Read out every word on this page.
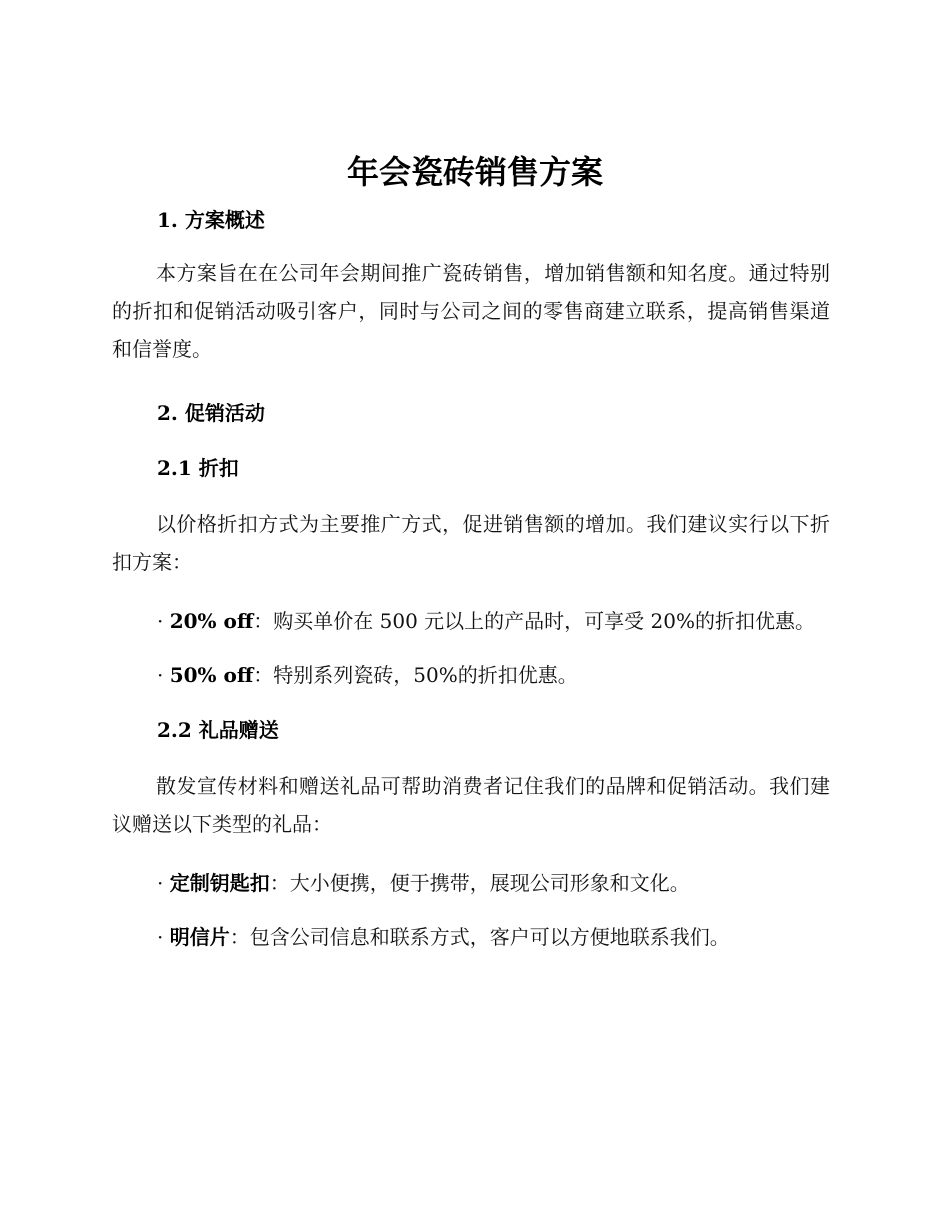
年会瓷砖销售方案
1. 方案概述

本方案旨在在公司年会期间推广瓷砖销售，增加销售额和知名度。通过特别的折扣和促销活动吸引客户，同时与公司之间的零售商建立联系，提高销售渠道和信誉度。

2. 促销活动
2.1 折扣

以价格折扣方式为主要推广方式，促进销售额的增加。我们建议实行以下折扣方案：

· 20% off：购买单价在 500 元以上的产品时，可享受 20%的折扣优惠。
· 50% off：特别系列瓷砖，50%的折扣优惠。
2.2 礼品赠送

散发宣传材料和赠送礼品可帮助消费者记住我们的品牌和促销活动。我们建议赠送以下类型的礼品：

· 定制钥匙扣：大小便携，便于携带，展现公司形象和文化。
· 明信片：包含公司信息和联系方式，客户可以方便地联系我们。
